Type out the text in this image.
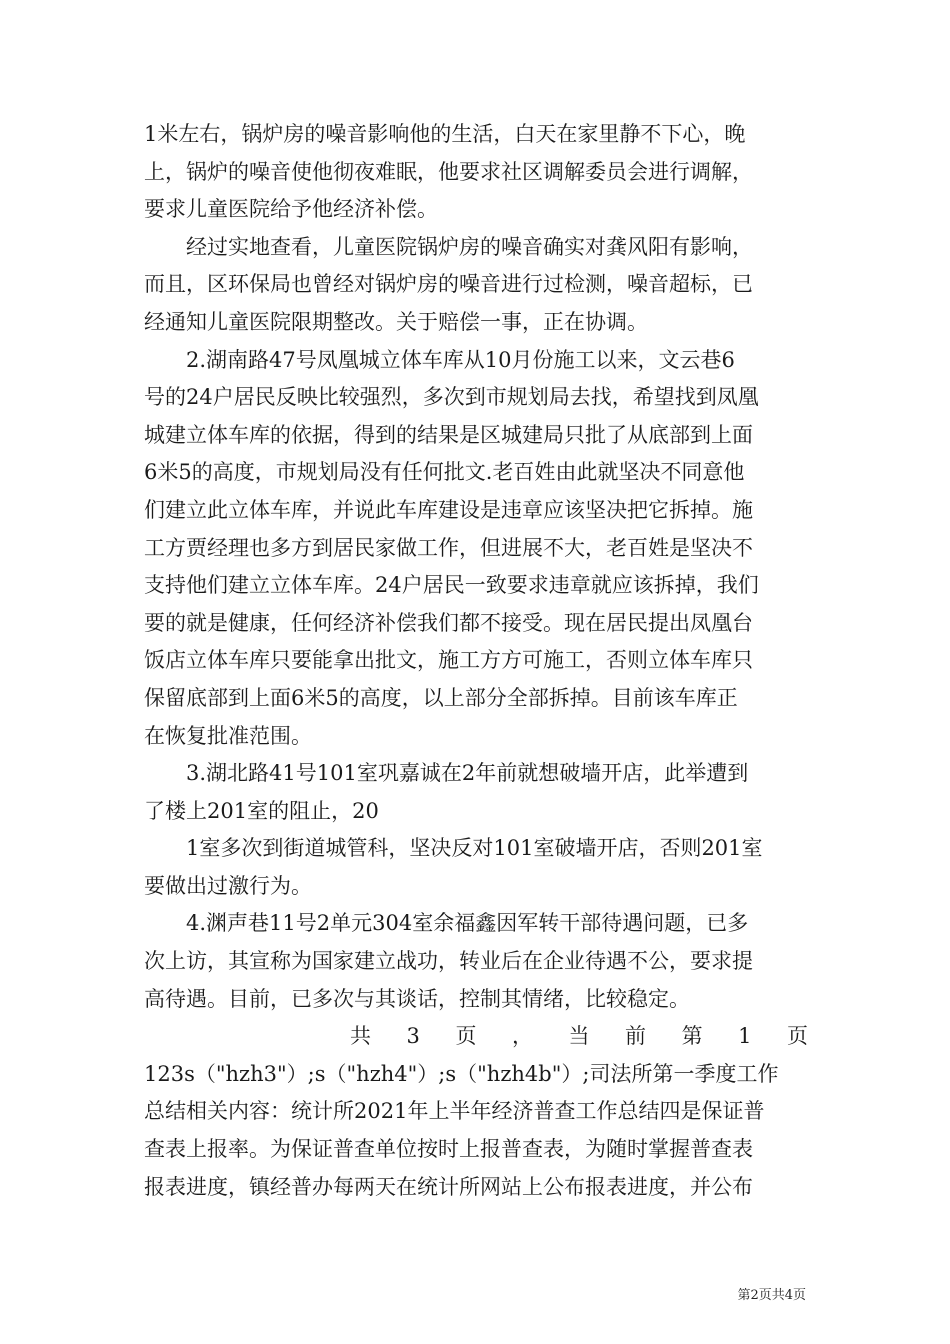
1米左右，锅炉房的噪音影响他的生活，白天在家里静不下心，晚
上，锅炉的噪音使他彻夜难眠，他要求社区调解委员会进行调解，
要求儿童医院给予他经济补偿。
经过实地查看，儿童医院锅炉房的噪音确实对龚风阳有影响，
而且，区环保局也曾经对锅炉房的噪音进行过检测，噪音超标，已
经通知儿童医院限期整改。关于赔偿一事，正在协调。
2.湖南路47号凤凰城立体车库从10月份施工以来，文云巷6
号的24户居民反映比较强烈，多次到市规划局去找，希望找到凤凰
城建立体车库的依据，得到的结果是区城建局只批了从底部到上面
6米5的高度，市规划局没有任何批文.老百姓由此就坚决不同意他
们建立此立体车库，并说此车库建设是违章应该坚决把它拆掉。施
工方贾经理也多方到居民家做工作，但进展不大，老百姓是坚决不
支持他们建立立体车库。24户居民一致要求违章就应该拆掉，我们
要的就是健康，任何经济补偿我们都不接受。现在居民提出凤凰台
饭店立体车库只要能拿出批文，施工方方可施工，否则立体车库只
保留底部到上面6米5的高度，以上部分全部拆掉。目前该车库正
在恢复批准范围。
3.湖北路41号101室巩嘉诚在2年前就想破墙开店，此举遭到
了楼上201室的阻止，20
1室多次到街道城管科，坚决反对101室破墙开店，否则201室
要做出过激行为。
4.渊声巷11号2单元304室余福鑫因军转干部待遇问题，已多
次上访，其宣称为国家建立战功，转业后在企业待遇不公，要求提
高待遇。目前，已多次与其谈话，控制其情绪，比较稳定。
共 3 页 ， 当 前 第 1 页
123s（"hzh3"）;s（"hzh4"）;s（"hzh4b"）;司法所第一季度工作
总结相关内容：统计所2021年上半年经济普查工作总结四是保证普
查表上报率。为保证普查单位按时上报普查表，为随时掌握普查表
报表进度，镇经普办每两天在统计所网站上公布报表进度，并公布
第2页共4页
